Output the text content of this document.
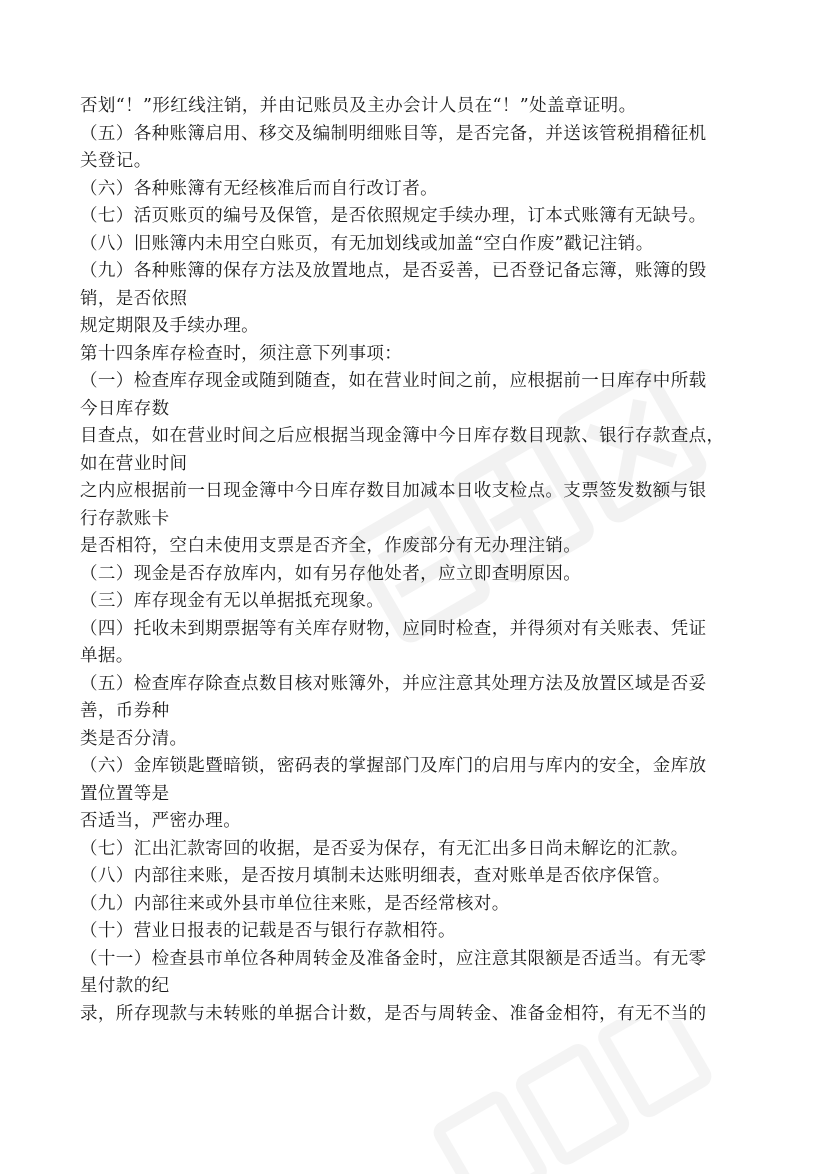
否划“！”形红线注销，并由记账员及主办会计人员在“！”处盖章证明。
（五）各种账簿启用、移交及编制明细账目等，是否完备，并送该管税捐稽征机
关登记。
（六）各种账簿有无经核准后而自行改订者。
（七）活页账页的编号及保管，是否依照规定手续办理，订本式账簿有无缺号。
（八）旧账簿内未用空白账页，有无加划线或加盖“空白作废”戳记注销。
（九）各种账簿的保存方法及放置地点，是否妥善，已否登记备忘簿，账簿的毁
销，是否依照
规定期限及手续办理。
第十四条库存检查时，须注意下列事项：
（一）检查库存现金或随到随查，如在营业时间之前，应根据前一日库存中所载
今日库存数
目查点，如在营业时间之后应根据当现金簿中今日库存数目现款、银行存款查点，
如在营业时间
之内应根据前一日现金簿中今日库存数目加减本日收支检点。支票签发数额与银
行存款账卡
是否相符，空白未使用支票是否齐全，作废部分有无办理注销。
（二）现金是否存放库内，如有另存他处者，应立即查明原因。
（三）库存现金有无以单据抵充现象。
（四）托收未到期票据等有关库存财物，应同时检查，并得须对有关账表、凭证
单据。
（五）检查库存除查点数目核对账簿外，并应注意其处理方法及放置区域是否妥
善，币券种
类是否分清。
（六）金库锁匙暨暗锁，密码表的掌握部门及库门的启用与库内的安全，金库放
置位置等是
否适当，严密办理。
（七）汇出汇款寄回的收据，是否妥为保存，有无汇出多日尚未解讫的汇款。
（八）内部往来账，是否按月填制未达账明细表，查对账单是否依序保管。
（九）内部往来或外县市单位往来账，是否经常核对。
（十）营业日报表的记载是否与银行存款相符。
（十一）检查县市单位各种周转金及准备金时，应注意其限额是否适当。有无零
星付款的纪
录，所存现款与未转账的单据合计数，是否与周转金、准备金相符，有无不当的
